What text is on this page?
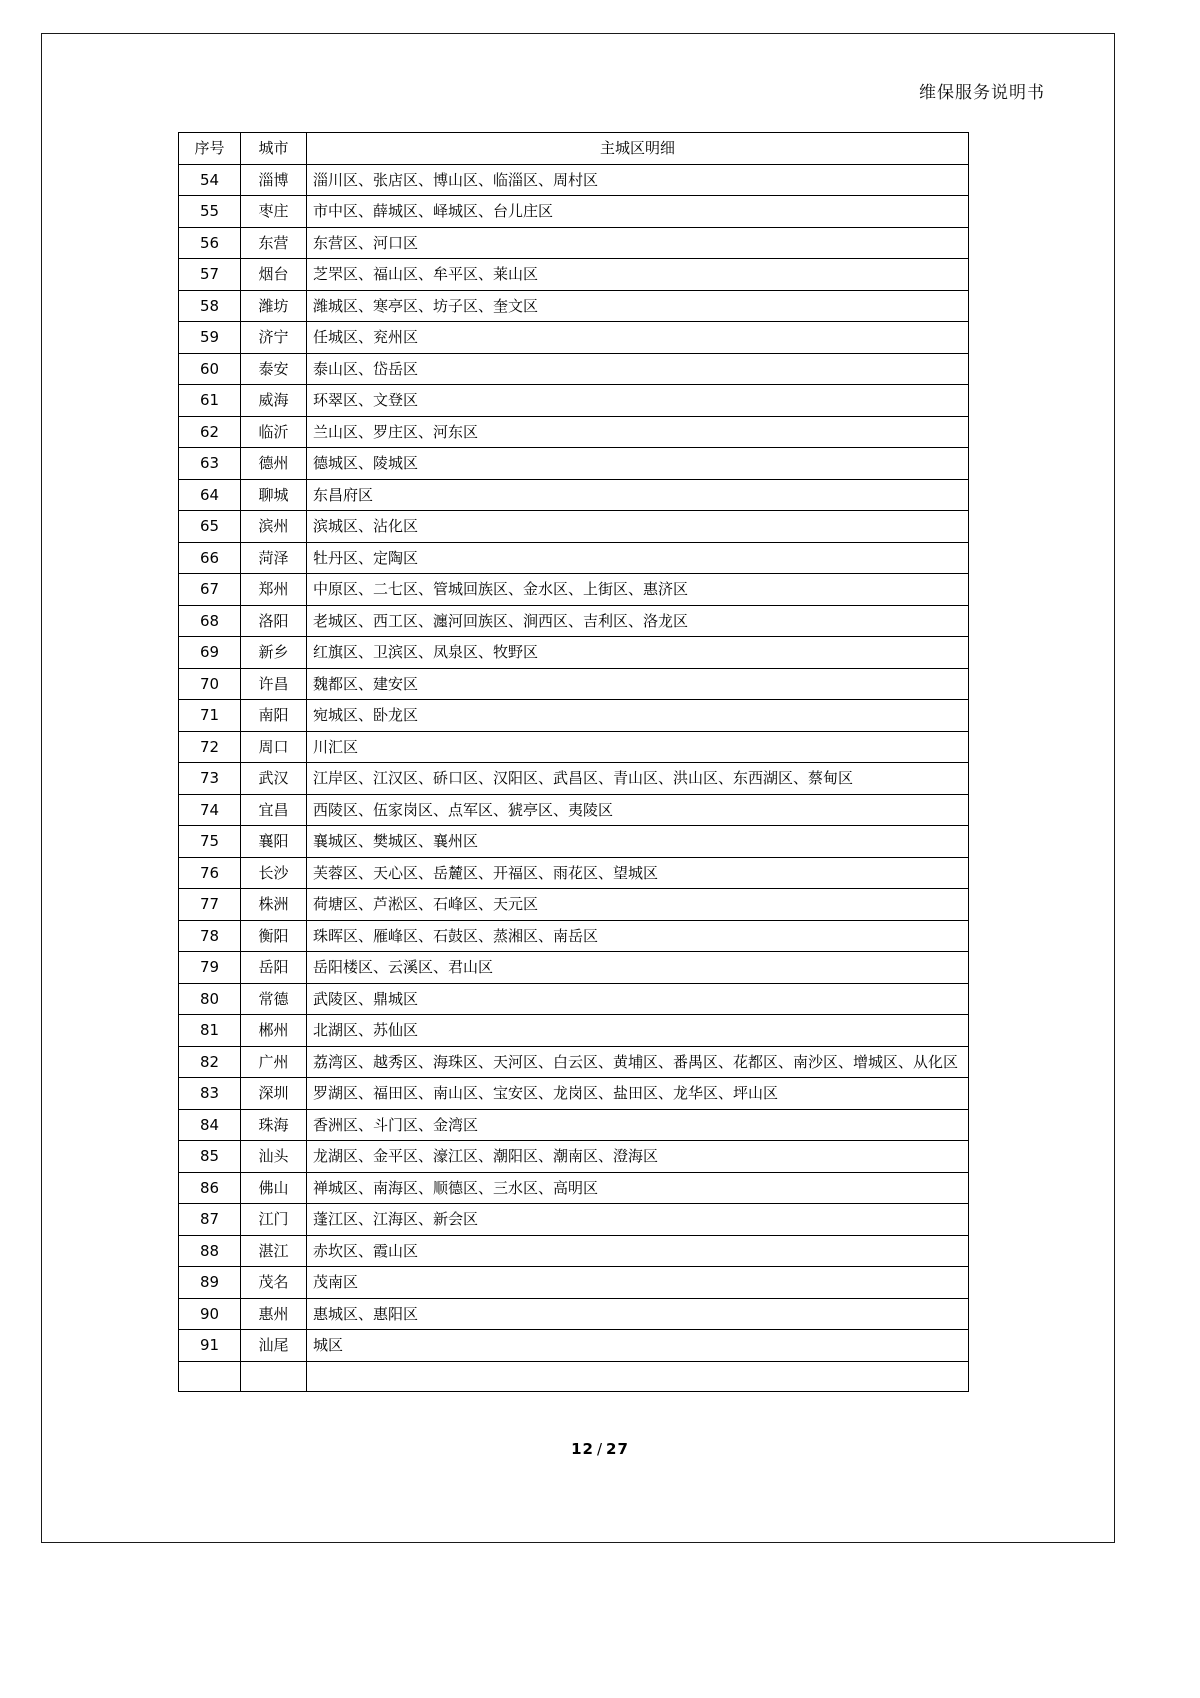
维保服务说明书
序号	城市	主城区明细
54	淄博	淄川区、张店区、博山区、临淄区、周村区
55	枣庄	市中区、薛城区、峄城区、台儿庄区
56	东营	东营区、河口区
57	烟台	芝罘区、福山区、牟平区、莱山区
58	潍坊	潍城区、寒亭区、坊子区、奎文区
59	济宁	任城区、兖州区
60	泰安	泰山区、岱岳区
61	威海	环翠区、文登区
62	临沂	兰山区、罗庄区、河东区
63	德州	德城区、陵城区
64	聊城	东昌府区
65	滨州	滨城区、沾化区
66	菏泽	牡丹区、定陶区
67	郑州	中原区、二七区、管城回族区、金水区、上街区、惠济区
68	洛阳	老城区、西工区、瀍河回族区、涧西区、吉利区、洛龙区
69	新乡	红旗区、卫滨区、凤泉区、牧野区
70	许昌	魏都区、建安区
71	南阳	宛城区、卧龙区
72	周口	川汇区
73	武汉	江岸区、江汉区、硚口区、汉阳区、武昌区、青山区、洪山区、东西湖区、蔡甸区
74	宜昌	西陵区、伍家岗区、点军区、猇亭区、夷陵区
75	襄阳	襄城区、樊城区、襄州区
76	长沙	芙蓉区、天心区、岳麓区、开福区、雨花区、望城区
77	株洲	荷塘区、芦淞区、石峰区、天元区
78	衡阳	珠晖区、雁峰区、石鼓区、蒸湘区、南岳区
79	岳阳	岳阳楼区、云溪区、君山区
80	常德	武陵区、鼎城区
81	郴州	北湖区、苏仙区
82	广州	荔湾区、越秀区、海珠区、天河区、白云区、黄埔区、番禺区、花都区、南沙区、增城区、从化区
83	深圳	罗湖区、福田区、南山区、宝安区、龙岗区、盐田区、龙华区、坪山区
84	珠海	香洲区、斗门区、金湾区
85	汕头	龙湖区、金平区、濠江区、潮阳区、潮南区、澄海区
86	佛山	禅城区、南海区、顺德区、三水区、高明区
87	江门	蓬江区、江海区、新会区
88	湛江	赤坎区、霞山区
89	茂名	茂南区
90	惠州	惠城区、惠阳区
91	汕尾	城区

12 / 27
